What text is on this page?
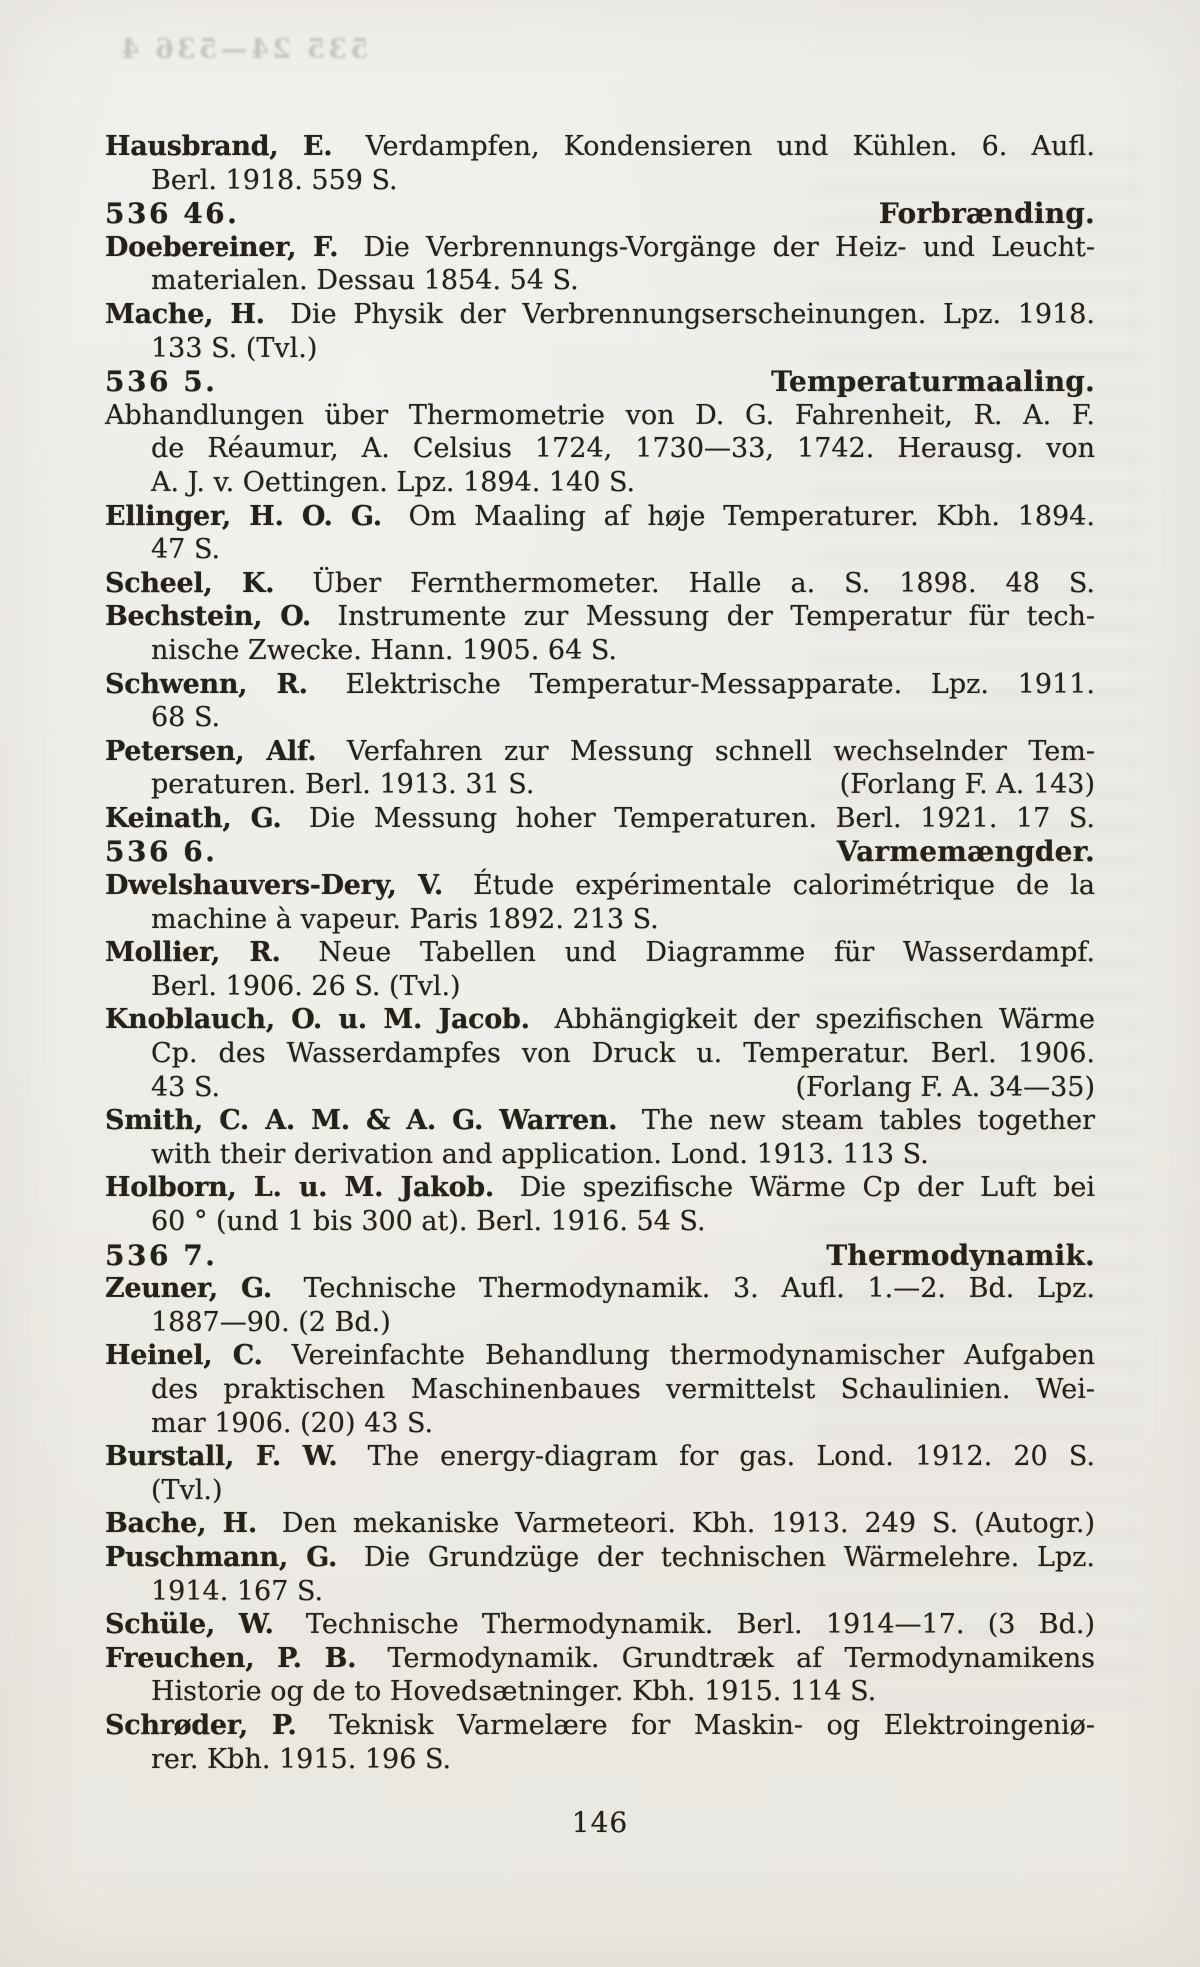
535 24—536 4
Hausbrand, E. Verdampfen, Kondensieren und Kühlen. 6. Aufl.
Berl. 1918. 559 S.
536 46.	Forbrænding.
Doebereiner, F. Die Verbrennungs-Vorgänge der Heiz- und Leucht-
materialen. Dessau 1854. 54 S.
Mache, H. Die Physik der Verbrennungserscheinungen. Lpz. 1918.
133 S. (Tvl.)
536 5.	Temperaturmaaling.
Abhandlungen über Thermometrie von D. G. Fahrenheit, R. A. F.
de Réaumur, A. Celsius 1724, 1730—33, 1742. Herausg. von
A. J. v. Oettingen. Lpz. 1894. 140 S.
Ellinger, H. O. G. Om Maaling af høje Temperaturer. Kbh. 1894.
47 S.
Scheel, K. Über Fernthermometer. Halle a. S. 1898. 48 S.
Bechstein, O. Instrumente zur Messung der Temperatur für tech-
nische Zwecke. Hann. 1905. 64 S.
Schwenn, R. Elektrische Temperatur-Messapparate. Lpz. 1911.
68 S.
Petersen, Alf. Verfahren zur Messung schnell wechselnder Tem-
peraturen. Berl. 1913. 31 S.	(Forlang F. A. 143)
Keinath, G. Die Messung hoher Temperaturen. Berl. 1921. 17 S.
536 6.	Varmemængder.
Dwelshauvers-Dery, V. Étude expérimentale calorimétrique de la
machine à vapeur. Paris 1892. 213 S.
Mollier, R. Neue Tabellen und Diagramme für Wasserdampf.
Berl. 1906. 26 S. (Tvl.)
Knoblauch, O. u. M. Jacob. Abhängigkeit der spezifischen Wärme
Cp. des Wasserdampfes von Druck u. Temperatur. Berl. 1906.
43 S.	(Forlang F. A. 34—35)
Smith, C. A. M. & A. G. Warren. The new steam tables together
with their derivation and application. Lond. 1913. 113 S.
Holborn, L. u. M. Jakob. Die spezifische Wärme Cp der Luft bei
60 ° (und 1 bis 300 at). Berl. 1916. 54 S.
536 7.	Thermodynamik.
Zeuner, G. Technische Thermodynamik. 3. Aufl. 1.—2. Bd. Lpz.
1887—90. (2 Bd.)
Heinel, C. Vereinfachte Behandlung thermodynamischer Aufgaben
des praktischen Maschinenbaues vermittelst Schaulinien. Wei-
mar 1906. (20) 43 S.
Burstall, F. W. The energy-diagram for gas. Lond. 1912. 20 S.
(Tvl.)
Bache, H. Den mekaniske Varmeteori. Kbh. 1913. 249 S. (Autogr.)
Puschmann, G. Die Grundzüge der technischen Wärmelehre. Lpz.
1914. 167 S.
Schüle, W. Technische Thermodynamik. Berl. 1914—17. (3 Bd.)
Freuchen, P. B. Termodynamik. Grundtræk af Termodynamikens
Historie og de to Hovedsætninger. Kbh. 1915. 114 S.
Schrøder, P. Teknisk Varmelære for Maskin- og Elektroingeniø-
rer. Kbh. 1915. 196 S.
146
